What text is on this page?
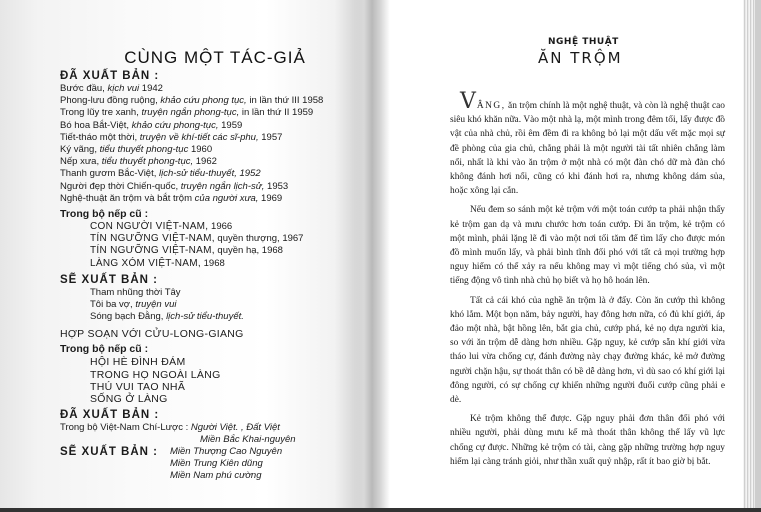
CÙNG MỘT TÁC-GIẢ
ĐÃ XUẤT BẢN :
Bước đầu, kịch vui 1942
Phong-lưu đồng ruộng, khảo cứu phong tục, in lần thứ III 1958
Trong lũy tre xanh, truyện ngắn phong-tục, in lần thứ II 1959
Bó hoa Bắt-Việt, khảo cứu phong-tục, 1959
Tiết-tháo một thời, truyện về khí-tiết các sĩ-phu, 1957
Ký vãng, tiểu thuyết phong-tục 1960
Nếp xưa, tiểu thuyết phong-tục, 1962
Thanh gươm Bắc-Việt, lịch-sử tiểu-thuyết, 1952
Người đẹp thời Chiến-quốc, truyện ngắn lịch-sử, 1953
Nghệ-thuật ăn trộm và bắt trộm của người xưa, 1969
Trong bộ nếp cũ :
CON NGƯỜI VIỆT-NAM, 1966
TÍN NGƯỠNG VIỆT-NAM, quyền thượng, 1967
TÍN NGƯỠNG VIỆT-NAM, quyền hạ, 1968
LÀNG XÓM VIỆT-NAM, 1968
SẼ XUẤT BẢN :
Tham nhũng thời Tây
Tôi ba vợ, truyện vui
Sóng bạch Đằng, lịch-sử tiểu-thuyết.
HỢP SOẠN VỚI CỬU-LONG-GIANG
Trong bộ nếp cũ :
HỘI HÈ ĐÌNH ĐÁM
TRONG HỌ NGOÀI LÀNG
THÚ VUI TAO NHÃ
SỐNG Ở LÀNG
ĐÃ XUẤT BẢN :
Trong bộ Việt-Nam Chí-Lược : Người Việt. , Đất Việt
Miền Bắc Khai-nguyên
SẼ XUẤT BẢN :	Miền Thượng Cao Nguyên
Miền Trung Kiên dũng
Miền Nam phú cường
NGHỆ THUẬT
ĂN TRỘM

VÂNG, ăn trộm chính là một nghệ thuật, và còn là nghệ thuật cao siêu khó khăn nữa. Vào một nhà lạ, một mình trong đêm tối, lấy được đồ vật của nhà chủ, rồi êm đềm đi ra không bỏ lại một dấu vết mặc mọi sự đề phòng của gia chủ, chẳng phải là một người tài tất nhiên chẳng làm nổi, nhất là khi vào ăn trộm ở một nhà có một đàn chó dữ mà đàn chó không đánh hơi nổi, cũng có khi đánh hơi ra, nhưng không dám sủa, hoặc xông lại cắn.

Nếu đem so sánh một kẻ trộm với một toán cướp ta phải nhận thấy kẻ trộm gan dạ và mưu chước hơn toán cướp. Đi ăn trộm, kẻ trộm có một mình, phải lặng lẽ đi vào một nơi tối tăm để tìm lấy cho được món đồ mình muốn lấy, và phải bình tĩnh đối phó với tất cả mọi trường hợp nguy hiểm có thể xảy ra nếu không may vì một tiếng chó sủa, vì một tiếng động vô tình nhà chủ họ biết và họ hô hoán lên.

Tất cả cái khó của nghề ăn trộm là ở đấy. Còn ăn cướp thì không khó lắm. Một bọn năm, bảy người, hay đông hơn nữa, có đủ khí giới, áp đảo một nhà, bật hồng lên, bắt gia chủ, cướp phá, kẻ nọ dựa người kia, so với ăn trộm dễ dàng hơn nhiều. Gặp nguy, kẻ cướp sẵn khí giới vừa tháo lui vừa chống cự, đánh đường này chạy đường khác, kẻ mở đường người chặn hậu, sự thoát thân có bề dễ dàng hơn, vì dù sao có khí giới lại đông người, có sự chống cự khiến những người đuổi cướp cũng phải e dè.

Kẻ trộm không thể được. Gặp nguy phải đơn thân đối phó với nhiều người, phải dùng mưu kế mà thoát thân không thể lấy vũ lực chống cự được. Những kẻ trộm có tài, càng gặp những trường hợp nguy hiểm lại càng tránh giỏi, như thần xuất quỷ nhập, rất ít bao giờ bị bắt.
